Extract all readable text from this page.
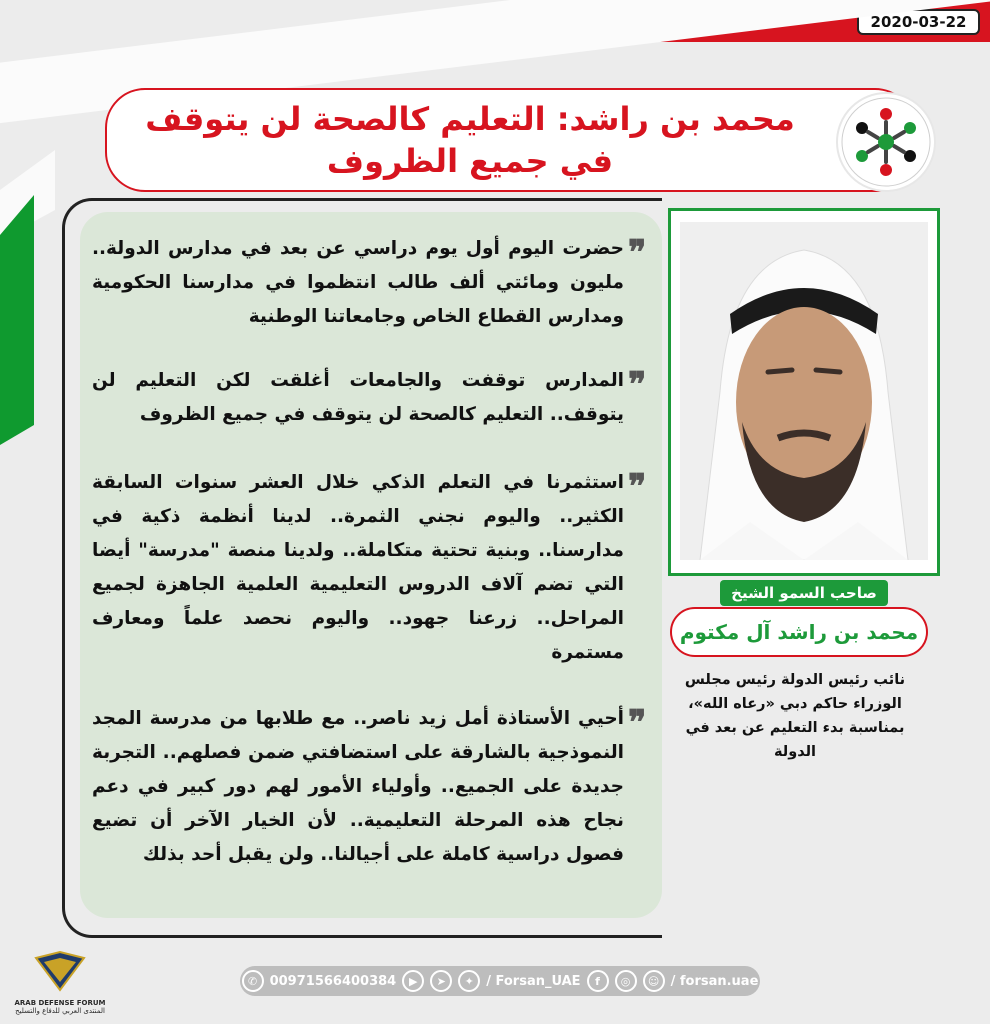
2020-03-22
محمد بن راشد: التعليم كالصحة لن يتوقف في جميع الظروف
❞
حضرت اليوم أول يوم دراسي عن بعد في مدارس الدولة.. مليون ومائتي ألف طالب انتظموا في مدارسنا الحكومية ومدارس القطاع الخاص وجامعاتنا الوطنية
❞
المدارس توقفت والجامعات أغلقت لكن التعليم لن يتوقف.. التعليم كالصحة لن يتوقف في جميع الظروف
❞
استثمرنا في التعلم الذكي خلال العشر سنوات السابقة الكثير.. واليوم نجني الثمرة.. لدينا أنظمة ذكية في مدارسنا.. وبنية تحتية متكاملة.. ولدينا منصة "مدرسة" أيضا التي تضم آلاف الدروس التعليمية العلمية الجاهزة لجميع المراحل.. زرعنا جهود.. واليوم نحصد علماً ومعارف مستمرة
❞
أحيي الأستاذة أمل زيد ناصر.. مع طلابها من مدرسة المجد النموذجية بالشارقة على استضافتي ضمن فصلهم.. التجربة جديدة على الجميع.. وأولياء الأمور لهم دور كبير في دعم نجاح هذه المرحلة التعليمية.. لأن الخيار الآخر أن تضيع فصول دراسية كاملة على أجيالنا.. ولن يقبل أحد بذلك
صاحب السمو الشيخ
محمد بن راشد آل مكتوم
نائب رئيس الدولة رئيس مجلس الوزراء حاكم دبي «رعاه الله»، بمناسبة بدء التعليم عن بعد في الدولة
✆ 00971566400384	▶	➤	✦ / Forsan_UAE	f	◎	☺ / forsan.uae
ARAB DEFENSE FORUM
المنتدى العربي للدفاع والتسليح
